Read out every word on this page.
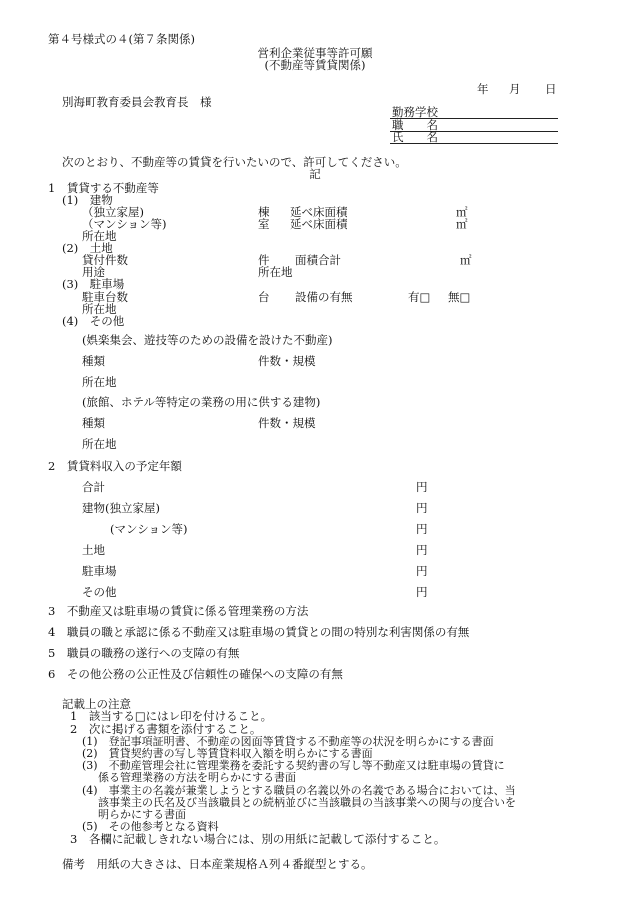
第４号様式の４(第７条関係)
営利企業従事等許可願
(不動産等賃貸関係)
年 月 日
別海町教育委員会教育長　様
勤務学校
職　　名
氏　　名
次のとおり、不動産等の賃貸を行いたいので、許可してください。
記
1　賃貸する不動産等
(1)　建物
（独立家屋)	棟 延べ床面積	㎡
（マンション等)	室 延べ床面積	㎡
所在地
(2)　土地
貸付件数	件 面積合計	㎡
用途	所在地
(3)　駐車場
駐車台数	台 設備の有無	有□ 無□
所在地
(4)　その他
(娯楽集会、遊技等のための設備を設けた不動産)
種類	件数・規模
所在地
(旅館、ホテル等特定の業務の用に供する建物)
種類	件数・規模
所在地
2　賃貸料収入の予定年額
合計	円
建物(独立家屋)	円
(マンション等)	円
土地	円
駐車場	円
その他	円
3　不動産又は駐車場の賃貸に係る管理業務の方法
4　職員の職と承認に係る不動産又は駐車場の賃貸との間の特別な利害関係の有無
5　職員の職務の遂行への支障の有無
6　その他公務の公正性及び信頼性の確保への支障の有無
記載上の注意
1　該当する□にはレ印を付けること。
2　次に掲げる書類を添付すること。
(1)　登記事項証明書、不動産の図面等賃貸する不動産等の状況を明らかにする書面
(2)　賃貸契約書の写し等賃貸料収入額を明らかにする書面
(3)　不動産管理会社に管理業務を委託する契約書の写し等不動産又は駐車場の賃貸に
係る管理業務の方法を明らかにする書面
(4)　事業主の名義が兼業しようとする職員の名義以外の名義である場合においては、当
該事業主の氏名及び当該職員との続柄並びに当該職員の当該事業への関与の度合いを
明らかにする書面
(5)　その他参考となる資料
3　各欄に記載しきれない場合には、別の用紙に記載して添付すること。
備考　用紙の大きさは、日本産業規格Ａ列４番縦型とする。
